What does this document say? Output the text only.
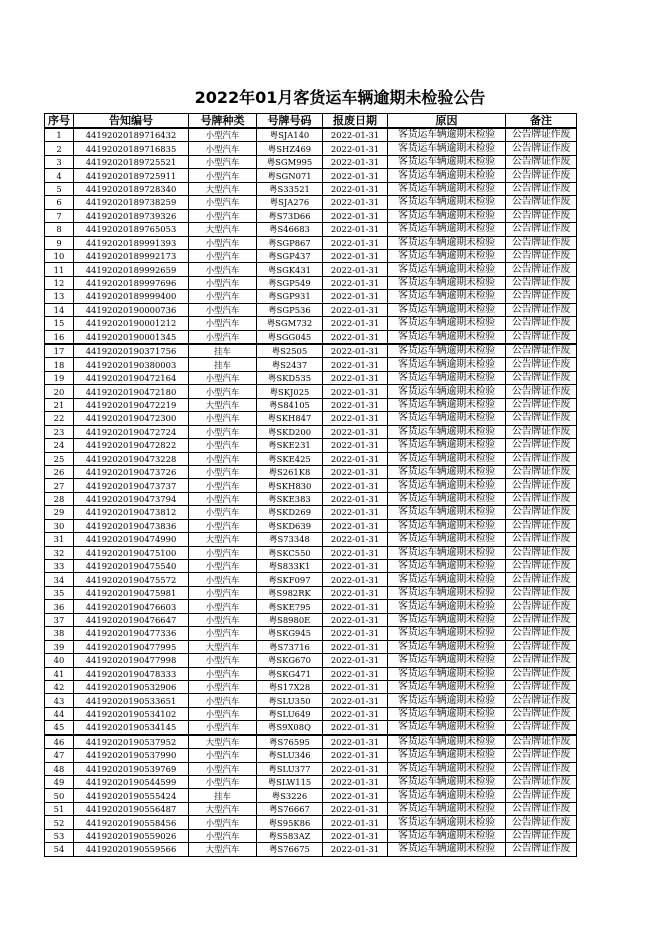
2022年01月客货运车辆逾期未检验公告
序号	告知编号	号牌种类	号牌号码	报废日期	原因	备注
1	44192020189716432	小型汽车	粤SJA140	2022-01-31	客货运车辆逾期未检验	公告牌证作废
2	44192020189716835	小型汽车	粤SHZ469	2022-01-31	客货运车辆逾期未检验	公告牌证作废
3	44192020189725521	小型汽车	粤SGM995	2022-01-31	客货运车辆逾期未检验	公告牌证作废
4	44192020189725911	小型汽车	粤SGN071	2022-01-31	客货运车辆逾期未检验	公告牌证作废
5	44192020189728340	大型汽车	粤S33521	2022-01-31	客货运车辆逾期未检验	公告牌证作废
6	44192020189738259	小型汽车	粤SJA276	2022-01-31	客货运车辆逾期未检验	公告牌证作废
7	44192020189739326	小型汽车	粤S73D66	2022-01-31	客货运车辆逾期未检验	公告牌证作废
8	44192020189765053	大型汽车	粤S46683	2022-01-31	客货运车辆逾期未检验	公告牌证作废
9	44192020189991393	小型汽车	粤SGP867	2022-01-31	客货运车辆逾期未检验	公告牌证作废
10	44192020189992173	小型汽车	粤SGP437	2022-01-31	客货运车辆逾期未检验	公告牌证作废
11	44192020189992659	小型汽车	粤SGK431	2022-01-31	客货运车辆逾期未检验	公告牌证作废
12	44192020189997696	小型汽车	粤SGP549	2022-01-31	客货运车辆逾期未检验	公告牌证作废
13	44192020189999400	小型汽车	粤SGP931	2022-01-31	客货运车辆逾期未检验	公告牌证作废
14	44192020190000736	小型汽车	粤SGP536	2022-01-31	客货运车辆逾期未检验	公告牌证作废
15	44192020190001212	小型汽车	粤SGM732	2022-01-31	客货运车辆逾期未检验	公告牌证作废
16	44192020190001345	小型汽车	粤SGG045	2022-01-31	客货运车辆逾期未检验	公告牌证作废
17	44192020190371756	挂车	粤S2505	2022-01-31	客货运车辆逾期未检验	公告牌证作废
18	44192020190380003	挂车	粤S2437	2022-01-31	客货运车辆逾期未检验	公告牌证作废
19	44192020190472164	小型汽车	粤SKD535	2022-01-31	客货运车辆逾期未检验	公告牌证作废
20	44192020190472180	小型汽车	粤SKJ025	2022-01-31	客货运车辆逾期未检验	公告牌证作废
21	44192020190472219	大型汽车	粤S84105	2022-01-31	客货运车辆逾期未检验	公告牌证作废
22	44192020190472300	小型汽车	粤SKH847	2022-01-31	客货运车辆逾期未检验	公告牌证作废
23	44192020190472724	小型汽车	粤SKD200	2022-01-31	客货运车辆逾期未检验	公告牌证作废
24	44192020190472822	小型汽车	粤SKE231	2022-01-31	客货运车辆逾期未检验	公告牌证作废
25	44192020190473228	小型汽车	粤SKE425	2022-01-31	客货运车辆逾期未检验	公告牌证作废
26	44192020190473726	小型汽车	粤S261K8	2022-01-31	客货运车辆逾期未检验	公告牌证作废
27	44192020190473737	小型汽车	粤SKH830	2022-01-31	客货运车辆逾期未检验	公告牌证作废
28	44192020190473794	小型汽车	粤SKE383	2022-01-31	客货运车辆逾期未检验	公告牌证作废
29	44192020190473812	小型汽车	粤SKD269	2022-01-31	客货运车辆逾期未检验	公告牌证作废
30	44192020190473836	小型汽车	粤SKD639	2022-01-31	客货运车辆逾期未检验	公告牌证作废
31	44192020190474990	大型汽车	粤S73348	2022-01-31	客货运车辆逾期未检验	公告牌证作废
32	44192020190475100	小型汽车	粤SKC550	2022-01-31	客货运车辆逾期未检验	公告牌证作废
33	44192020190475540	小型汽车	粤S833K1	2022-01-31	客货运车辆逾期未检验	公告牌证作废
34	44192020190475572	小型汽车	粤SKF097	2022-01-31	客货运车辆逾期未检验	公告牌证作废
35	44192020190475981	小型汽车	粤S982RK	2022-01-31	客货运车辆逾期未检验	公告牌证作废
36	44192020190476603	小型汽车	粤SKE795	2022-01-31	客货运车辆逾期未检验	公告牌证作废
37	44192020190476647	小型汽车	粤S8980E	2022-01-31	客货运车辆逾期未检验	公告牌证作废
38	44192020190477336	小型汽车	粤SKG945	2022-01-31	客货运车辆逾期未检验	公告牌证作废
39	44192020190477995	大型汽车	粤S73716	2022-01-31	客货运车辆逾期未检验	公告牌证作废
40	44192020190477998	小型汽车	粤SKG670	2022-01-31	客货运车辆逾期未检验	公告牌证作废
41	44192020190478333	小型汽车	粤SKG471	2022-01-31	客货运车辆逾期未检验	公告牌证作废
42	44192020190532906	小型汽车	粤S17X28	2022-01-31	客货运车辆逾期未检验	公告牌证作废
43	44192020190533651	小型汽车	粤SLU350	2022-01-31	客货运车辆逾期未检验	公告牌证作废
44	44192020190534102	小型汽车	粤SLU649	2022-01-31	客货运车辆逾期未检验	公告牌证作废
45	44192020190534145	小型汽车	粤S9X08Q	2022-01-31	客货运车辆逾期未检验	公告牌证作废
46	44192020190537952	大型汽车	粤S76595	2022-01-31	客货运车辆逾期未检验	公告牌证作废
47	44192020190537990	小型汽车	粤SLU346	2022-01-31	客货运车辆逾期未检验	公告牌证作废
48	44192020190539769	小型汽车	粤SLU377	2022-01-31	客货运车辆逾期未检验	公告牌证作废
49	44192020190544599	小型汽车	粤SLW115	2022-01-31	客货运车辆逾期未检验	公告牌证作废
50	44192020190555424	挂车	粤S3226	2022-01-31	客货运车辆逾期未检验	公告牌证作废
51	44192020190556487	大型汽车	粤S76667	2022-01-31	客货运车辆逾期未检验	公告牌证作废
52	44192020190558456	小型汽车	粤S95K86	2022-01-31	客货运车辆逾期未检验	公告牌证作废
53	44192020190559026	小型汽车	粤S583AZ	2022-01-31	客货运车辆逾期未检验	公告牌证作废
54	44192020190559566	大型汽车	粤S76675	2022-01-31	客货运车辆逾期未检验	公告牌证作废
